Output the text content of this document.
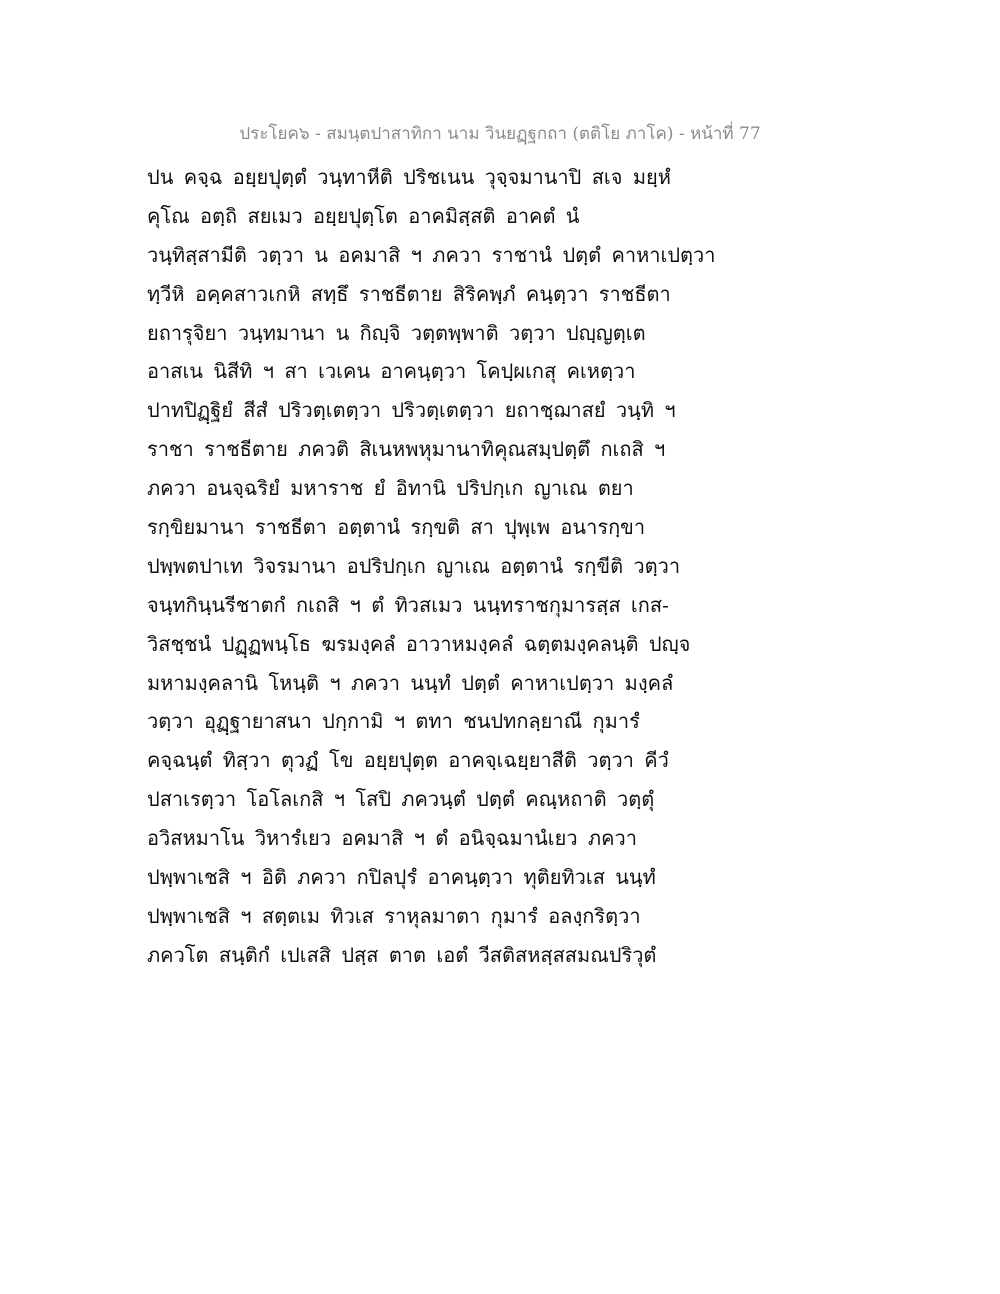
ประโยค๖ - สมนฺตปาสาทิกา นาม วินยฏฺฐกถา (ตติโย ภาโค) - หน้าที่ 77
ปน คจฺฉ อยฺยปุตฺตํ วนฺทาหีติ ปริชเนน วุจฺจมานาปิ สเจ มยฺหํ
คุโณ อตฺถิ สยเมว อยฺยปุตฺโต อาคมิสฺสติ อาคตํ นํ
วนฺทิสฺสามีติ วตฺวา น อคมาสิ ฯ ภควา ราชานํ ปตฺตํ คาหาเปตฺวา
ทฺวีหิ อคฺคสาวเกหิ สทฺธึ ราชธีตาย สิริคพฺภํ คนฺตฺวา ราชธีตา
ยถารุจิยา วนฺทมานา น กิญฺจิ วตฺตพฺพาติ วตฺวา ปญฺญตฺเต
อาสเน นิสีทิ ฯ สา เวเคน อาคนฺตฺวา โคปฺผเกสุ คเหตฺวา
ปาทปิฏฺฐิยํ สีสํ ปริวตฺเตตฺวา ปริวตฺเตตฺวา ยถาชฺฌาสยํ วนฺทิ ฯ
ราชา ราชธีตาย ภควติ สิเนหพหุมานาทิคุณสมฺปตฺตึ กเถสิ ฯ
ภควา อนจฺฉริยํ มหาราช ยํ อิทานิ ปริปกฺเก ญาเณ ตยา
รกฺขิยมานา ราชธีตา อตฺตานํ รกฺขติ สา ปุพฺเพ อนารกฺขา
ปพฺพตปาเท วิจรมานา อปริปกฺเก ญาเณ อตฺตานํ รกฺขีติ วตฺวา
จนฺทกินฺนรีชาตกํ กเถสิ ฯ ตํ ทิวสเมว นนฺทราชกุมารสฺส เกส-
วิสชฺชนํ ปฏฺฏพนฺโธ ฆรมงฺคลํ อาวาหมงฺคลํ ฉตฺตมงฺคลนฺติ ปญฺจ
มหามงฺคลานิ โหนฺติ ฯ ภควา นนฺทํ ปตฺตํ คาหาเปตฺวา มงฺคลํ
วตฺวา อุฏฺฐายาสนา ปกฺกามิ ฯ ตทา ชนปทกลฺยาณี กุมารํ
คจฺฉนฺตํ ทิสฺวา ตุวฏํ โข อยฺยปุตฺต อาคจฺเฉยฺยาสีติ วตฺวา คีวํ
ปสาเรตฺวา โอโลเกสิ ฯ โสปิ ภควนฺตํ ปตฺตํ คณฺหถาติ วตฺตุํ
อวิสหมาโน วิหารํเยว อคมาสิ ฯ ตํ อนิจฺฉมานํเยว ภควา
ปพฺพาเชสิ ฯ อิติ ภควา กปิลปุรํ อาคนฺตฺวา ทุติยทิวเส นนฺทํ
ปพฺพาเชสิ ฯ สตฺตเม ทิวเส ราหุลมาตา กุมารํ อลงฺกริตฺวา
ภควโต สนฺติกํ เปเสสิ ปสฺส ตาต เอตํ วีสติสหสฺสสมณปริวุตํ
